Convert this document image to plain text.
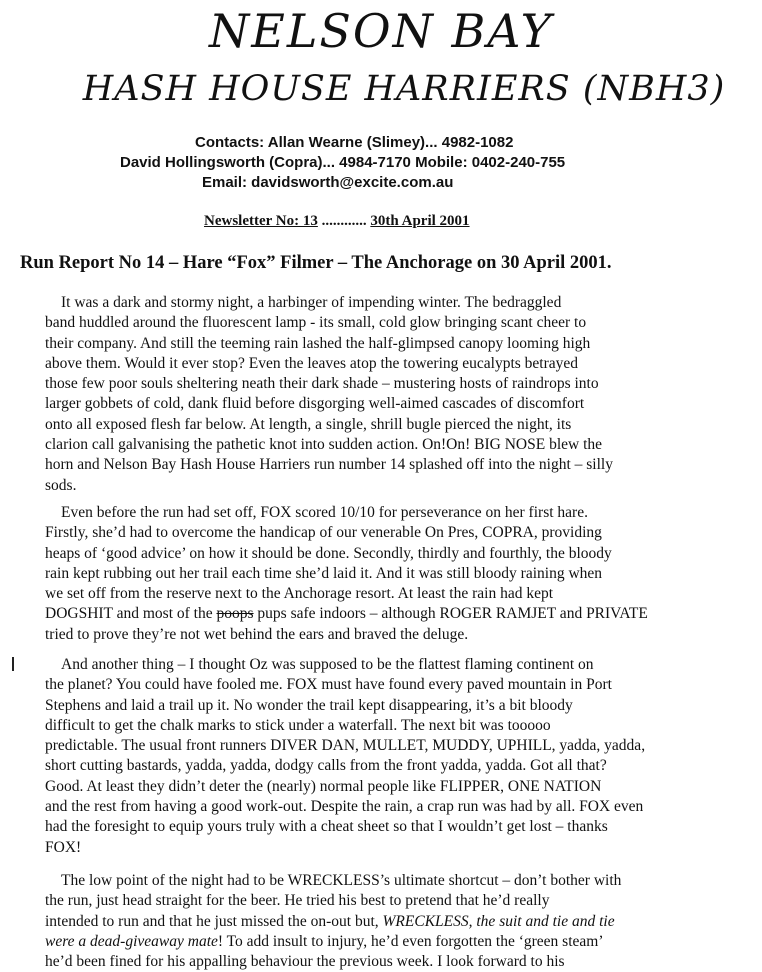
NELSON BAY
HASH HOUSE HARRIERS (NBH3)
Contacts: Allan Wearne (Slimey)... 4982-1082
David Hollingsworth (Copra)... 4984-7170 Mobile: 0402-240-755
Email: davidsworth@excite.com.au
Newsletter No: 13 ............ 30th April 2001
Run Report No 14 – Hare “Fox” Filmer – The Anchorage on 30 April 2001.
It was a dark and stormy night, a harbinger of impending winter. The bedraggled
band huddled around the fluorescent lamp - its small, cold glow bringing scant cheer to
their company. And still the teeming rain lashed the half-glimpsed canopy looming high
above them. Would it ever stop? Even the leaves atop the towering eucalypts betrayed
those few poor souls sheltering neath their dark shade – mustering hosts of raindrops into
larger gobbets of cold, dank fluid before disgorging well-aimed cascades of discomfort
onto all exposed flesh far below. At length, a single, shrill bugle pierced the night, its
clarion call galvanising the pathetic knot into sudden action. On!On! BIG NOSE blew the
horn and Nelson Bay Hash House Harriers run number 14 splashed off into the night – silly
sods.
Even before the run had set off, FOX scored 10/10 for perseverance on her first hare.
Firstly, she’d had to overcome the handicap of our venerable On Pres, COPRA, providing
heaps of ‘good advice’ on how it should be done. Secondly, thirdly and fourthly, the bloody
rain kept rubbing out her trail each time she’d laid it. And it was still bloody raining when
we set off from the reserve next to the Anchorage resort. At least the rain had kept
DOGSHIT and most of the poops pups safe indoors – although ROGER RAMJET and PRIVATE
tried to prove they’re not wet behind the ears and braved the deluge.
And another thing – I thought Oz was supposed to be the flattest flaming continent on
the planet? You could have fooled me. FOX must have found every paved mountain in Port
Stephens and laid a trail up it. No wonder the trail kept disappearing, it’s a bit bloody
difficult to get the chalk marks to stick under a waterfall. The next bit was tooooo
predictable. The usual front runners DIVER DAN, MULLET, MUDDY, UPHILL, yadda, yadda,
short cutting bastards, yadda, yadda, dodgy calls from the front yadda, yadda. Got all that?
Good. At least they didn’t deter the (nearly) normal people like FLIPPER, ONE NATION
and the rest from having a good work-out. Despite the rain, a crap run was had by all. FOX even
had the foresight to equip yours truly with a cheat sheet so that I wouldn’t get lost – thanks
FOX!
The low point of the night had to be WRECKLESS’s ultimate shortcut – don’t bother with
the run, just head straight for the beer. He tried his best to pretend that he’d really
intended to run and that he just missed the on-out but, WRECKLESS, the suit and tie and tie
were a dead-giveaway mate! To add insult to injury, he’d even forgotten the ‘green steam’
he’d been fined for his appalling behaviour the previous week. I look forward to his
